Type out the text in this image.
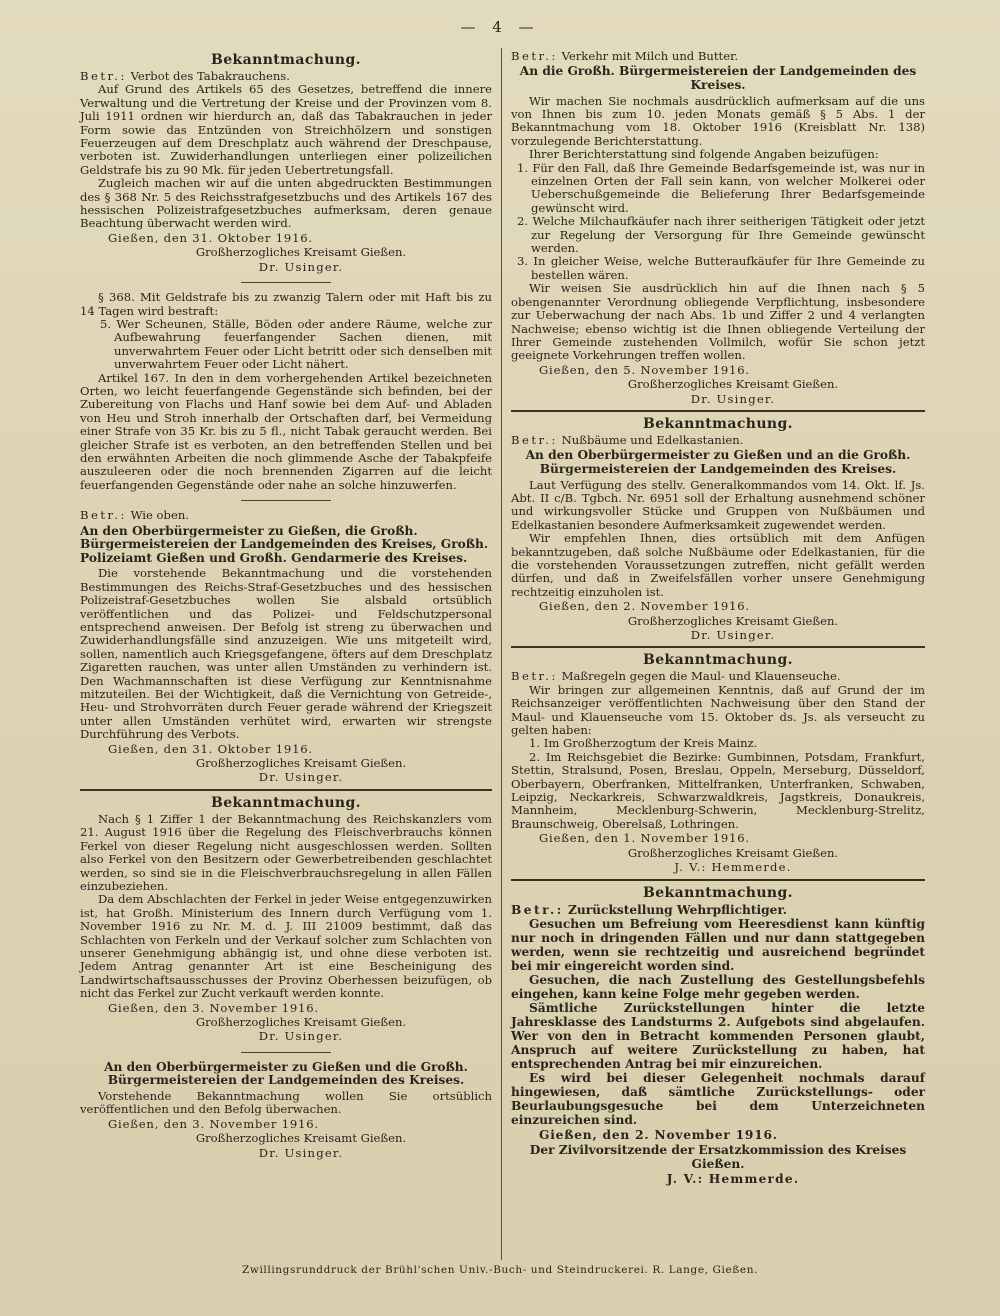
— 4 —
Bekanntmachung.

Betr.: Verbot des Tabakrauchens.

Auf Grund des Artikels 65 des Gesetzes, betreffend die innere Verwaltung und die Vertretung der Kreise und der Provinzen vom 8. Juli 1911 ordnen wir hierdurch an, daß das Tabakrauchen in jeder Form sowie das Entzünden von Streichhölzern und sonstigen Feuerzeugen auf dem Dreschplatz auch während der Dreschpause, verboten ist. Zuwiderhandlungen unterliegen einer polizeilichen Geldstrafe bis zu 90 Mk. für jeden Uebertretungsfall.

Zugleich machen wir auf die unten abgedruckten Bestimmungen des § 368 Nr. 5 des Reichsstrafgesetzbuchs und des Artikels 167 des hessischen Polizeistrafgesetzbuches aufmerksam, deren genaue Beachtung überwacht werden wird.

Gießen, den 31. Oktober 1916.
Großherzogliches Kreisamt Gießen.
Dr. Usinger.

§ 368. Mit Geldstrafe bis zu zwanzig Talern oder mit Haft bis zu 14 Tagen wird bestraft:

5. Wer Scheunen, Ställe, Böden oder andere Räume, welche zur Aufbewahrung feuerfangender Sachen dienen, mit unverwahrtem Feuer oder Licht betritt oder sich denselben mit unverwahrtem Feuer oder Licht nähert.

Artikel 167. In den in dem vorhergehenden Artikel bezeichneten Orten, wo leicht feuerfangende Gegenstände sich befinden, bei der Zubereitung von Flachs und Hanf sowie bei dem Auf- und Abladen von Heu und Stroh innerhalb der Ortschaften darf, bei Vermeidung einer Strafe von 35 Kr. bis zu 5 fl., nicht Tabak geraucht werden. Bei gleicher Strafe ist es verboten, an den betreffenden Stellen und bei den erwähnten Arbeiten die noch glimmende Asche der Tabakpfeife auszuleeren oder die noch brennenden Zigarren auf die leicht feuerfangenden Gegenstände oder nahe an solche hinzuwerfen.

Betr.: Wie oben.

An den Oberbürgermeister zu Gießen, die Großh. Bürgermeistereien der Landgemeinden des Kreises, Großh. Polizeiamt Gießen und Großh. Gendarmerie des Kreises.

Die vorstehende Bekanntmachung und die vorstehenden Bestimmungen des Reichs-Straf-Gesetzbuches und des hessischen Polizeistraf-Gesetzbuches wollen Sie alsbald ortsüblich veröffentlichen und das Polizei- und Feldschutzpersonal entsprechend anweisen. Der Befolg ist streng zu überwachen und Zuwiderhandlungsfälle sind anzuzeigen. Wie uns mitgeteilt wird, sollen, namentlich auch Kriegsgefangene, öfters auf dem Dreschplatz Zigaretten rauchen, was unter allen Umständen zu verhindern ist. Den Wachmannschaften ist diese Verfügung zur Kenntnisnahme mitzuteilen. Bei der Wichtigkeit, daß die Vernichtung von Getreide-, Heu- und Strohvorräten durch Feuer gerade während der Kriegszeit unter allen Umständen verhütet wird, erwarten wir strengste Durchführung des Verbots.

Gießen, den 31. Oktober 1916.
Großherzogliches Kreisamt Gießen.
Dr. Usinger.
Bekanntmachung.

Nach § 1 Ziffer 1 der Bekanntmachung des Reichskanzlers vom 21. August 1916 über die Regelung des Fleischverbrauchs können Ferkel von dieser Regelung nicht ausgeschlossen werden. Sollten also Ferkel von den Besitzern oder Gewerbetreibenden geschlachtet werden, so sind sie in die Fleischverbrauchsregelung in allen Fällen einzubeziehen.

Da dem Abschlachten der Ferkel in jeder Weise entgegenzuwirken ist, hat Großh. Ministerium des Innern durch Verfügung vom 1. November 1916 zu Nr. M. d. J. III 21009 bestimmt, daß das Schlachten von Ferkeln und der Verkauf solcher zum Schlachten von unserer Genehmigung abhängig ist, und ohne diese verboten ist. Jedem Antrag genannter Art ist eine Bescheinigung des Landwirtschaftsausschusses der Provinz Oberhessen beizufügen, ob nicht das Ferkel zur Zucht verkauft werden konnte.

Gießen, den 3. November 1916.
Großherzogliches Kreisamt Gießen.
Dr. Usinger.
An den Oberbürgermeister zu Gießen und die Großh. Bürgermeistereien der Landgemeinden des Kreises.

Vorstehende Bekanntmachung wollen Sie ortsüblich veröffentlichen und den Befolg überwachen.

Gießen, den 3. November 1916.
Großherzogliches Kreisamt Gießen.
Dr. Usinger.

Betr.: Verkehr mit Milch und Butter.

An die Großh. Bürgermeistereien der Landgemeinden des Kreises.

Wir machen Sie nochmals ausdrücklich aufmerksam auf die uns von Ihnen bis zum 10. jeden Monats gemäß § 5 Abs. 1 der Bekanntmachung vom 18. Oktober 1916 (Kreisblatt Nr. 138) vorzulegende Berichterstattung.

Ihrer Berichterstattung sind folgende Angaben beizufügen:

1. Für den Fall, daß Ihre Gemeinde Bedarfsgemeinde ist, was nur in einzelnen Orten der Fall sein kann, von welcher Molkerei oder Ueberschußgemeinde die Belieferung Ihrer Bedarfsgemeinde gewünscht wird.

2. Welche Milchaufkäufer nach ihrer seitherigen Tätigkeit oder jetzt zur Regelung der Versorgung für Ihre Gemeinde gewünscht werden.

3. In gleicher Weise, welche Butteraufkäufer für Ihre Gemeinde zu bestellen wären.

Wir weisen Sie ausdrücklich hin auf die Ihnen nach § 5 obengenannter Verordnung obliegende Verpflichtung, insbesondere zur Ueberwachung der nach Abs. 1b und Ziffer 2 und 4 verlangten Nachweise; ebenso wichtig ist die Ihnen obliegende Verteilung der Ihrer Gemeinde zustehenden Vollmilch, wofür Sie schon jetzt geeignete Vorkehrungen treffen wollen.

Gießen, den 5. November 1916.
Großherzogliches Kreisamt Gießen.
Dr. Usinger.
Bekanntmachung.

Betr.: Nußbäume und Edelkastanien.

An den Oberbürgermeister zu Gießen und an die Großh. Bürgermeistereien der Landgemeinden des Kreises.

Laut Verfügung des stellv. Generalkommandos vom 14. Okt. lf. Js. Abt. II c/B. Tgbch. Nr. 6951 soll der Erhaltung ausnehmend schöner und wirkungsvoller Stücke und Gruppen von Nußbäumen und Edelkastanien besondere Aufmerksamkeit zugewendet werden.

Wir empfehlen Ihnen, dies ortsüblich mit dem Anfügen bekanntzugeben, daß solche Nußbäume oder Edelkastanien, für die die vorstehenden Voraussetzungen zutreffen, nicht gefällt werden dürfen, und daß in Zweifelsfällen vorher unsere Genehmigung rechtzeitig einzuholen ist.

Gießen, den 2. November 1916.
Großherzogliches Kreisamt Gießen.
Dr. Usinger.
Bekanntmachung.

Betr.: Maßregeln gegen die Maul- und Klauenseuche.

Wir bringen zur allgemeinen Kenntnis, daß auf Grund der im Reichsanzeiger veröffentlichten Nachweisung über den Stand der Maul- und Klauenseuche vom 15. Oktober ds. Js. als verseucht zu gelten haben:

1. Im Großherzogtum der Kreis Mainz.

2. Im Reichsgebiet die Bezirke: Gumbinnen, Potsdam, Frankfurt, Stettin, Stralsund, Posen, Breslau, Oppeln, Merseburg, Düsseldorf, Oberbayern, Oberfranken, Mittelfranken, Unterfranken, Schwaben, Leipzig, Neckarkreis, Schwarzwaldkreis, Jagstkreis, Donaukreis, Mannheim, Mecklenburg-Schwerin, Mecklenburg-Strelitz, Braunschweig, Oberelsaß, Lothringen.

Gießen, den 1. November 1916.
Großherzogliches Kreisamt Gießen.
J. V.: Hemmerde.
Bekanntmachung.

Betr.: Zurückstellung Wehrpflichtiger.

Gesuchen um Befreiung vom Heeresdienst kann künftig nur noch in dringenden Fällen und nur dann stattgegeben werden, wenn sie rechtzeitig und ausreichend begründet bei mir eingereicht worden sind.

Gesuchen, die nach Zustellung des Gestellungsbefehls eingehen, kann keine Folge mehr gegeben werden.

Sämtliche Zurückstellungen hinter die letzte Jahresklasse des Landsturms 2. Aufgebots sind abgelaufen. Wer von den in Betracht kommenden Personen glaubt, Anspruch auf weitere Zurückstellung zu haben, hat entsprechenden Antrag bei mir einzureichen.

Es wird bei dieser Gelegenheit nochmals darauf hingewiesen, daß sämtliche Zurückstellungs- oder Beurlaubungsgesuche bei dem Unterzeichneten einzureichen sind.

Gießen, den 2. November 1916.
Der Zivilvorsitzende der Ersatzkommission des Kreises Gießen.
J. V.: Hemmerde.
Zwillingsrunddruck der Brühl'schen Univ.-Buch- und Steindruckerei. R. Lange, Gießen.
